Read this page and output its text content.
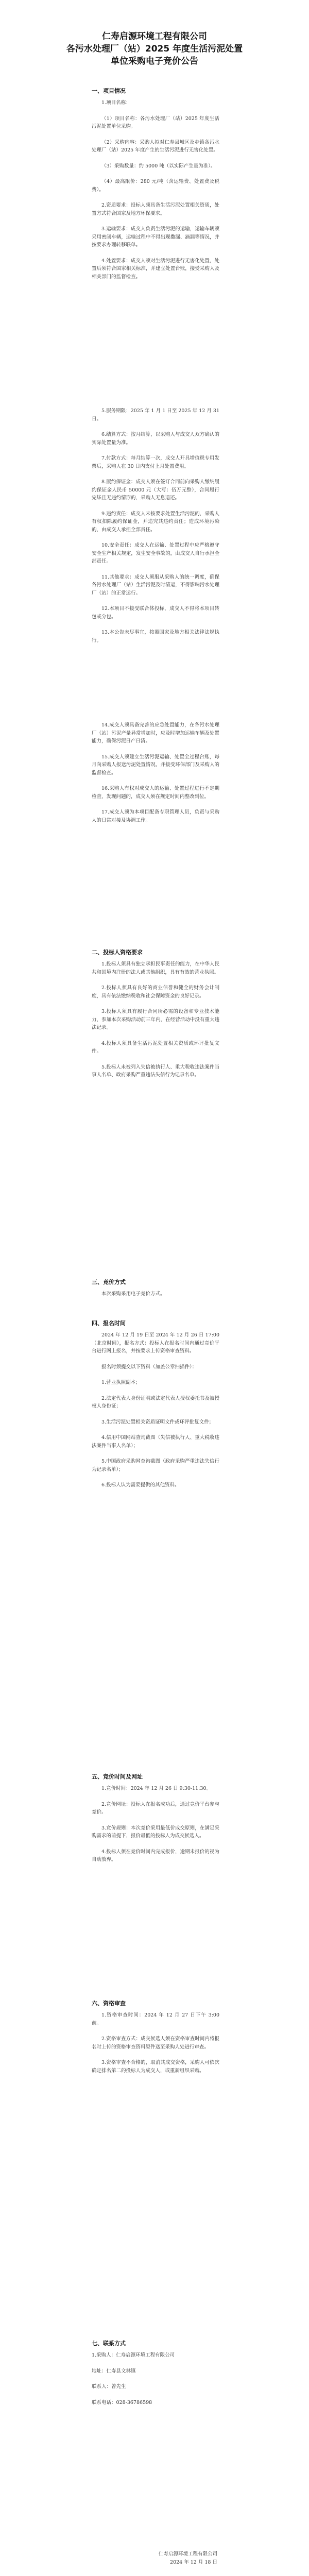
仁寿启源环境工程有限公司
各污水处理厂（站）2025 年度生活污泥处置
单位采购电子竞价公告
一、项目情况

1.项目名称：

（1）项目名称：各污水处理厂（站）2025 年度生活污泥处置单位采购。

（2）采购内容：采购人拟对仁寿县城区及乡镇各污水处理厂（站）2025 年度产生的生活污泥进行无害化处置。

（3）采购数量：约 5000 吨（以实际产生量为准）。

（4）最高限价：280 元/吨（含运输费、处置费及税费）。

2.资质要求：投标人须具备生活污泥处置相关资质，处置方式符合国家及地方环保要求。

3.运输要求：成交人负责生活污泥的运输，运输车辆须采用密闭车辆，运输过程中不得出现撒漏、滴漏等情况，并按要求办理转移联单。

4.处置要求：成交人须对生活污泥进行无害化处置，处置后须符合国家相关标准，并建立处置台账，接受采购人及相关部门的监督检查。

5.服务期限：2025 年 1 月 1 日至 2025 年 12 月 31 日。

6.结算方式：按月结算，以采购人与成交人双方确认的实际处置量为准。

7.付款方式：每月结算一次，成交人开具增值税专用发票后，采购人在 30 日内支付上月处置费用。

8.履约保证金：成交人须在签订合同前向采购人缴纳履约保证金人民币 50000 元（大写：伍万元整），合同履行完毕且无违约情形的，采购人无息退还。

9.违约责任：成交人未按要求处置生活污泥的，采购人有权扣除履约保证金，并追究其违约责任；造成环境污染的，由成交人承担全部责任。

10.安全责任：成交人在运输、处置过程中应严格遵守安全生产相关规定，发生安全事故的，由成交人自行承担全部责任。

11.其他要求：成交人须服从采购人的统一调度，确保各污水处理厂（站）生活污泥及时清运，不得影响污水处理厂（站）的正常运行。

12.本项目不接受联合体投标，成交人不得将本项目转包或分包。

13.本公告未尽事宜，按照国家及地方相关法律法规执行。

14.成交人须具备完善的应急处置能力，在各污水处理厂（站）污泥产量异常增加时，应及时增加运输车辆及处置能力，确保污泥日产日清。

15.成交人须建立生活污泥运输、处置全过程台账，每月向采购人报送污泥处置情况，并接受环保部门及采购人的监督检查。

16.采购人有权对成交人的运输、处置过程进行不定期检查，发现问题的，成交人须在规定时间内整改到位。

17.成交人须为本项目配备专职管理人员，负责与采购人的日常对接及协调工作。

二、投标人资格要求

1.投标人须具有独立承担民事责任的能力，在中华人民共和国境内注册的法人或其他组织，具有有效的营业执照。

2.投标人须具有良好的商业信誉和健全的财务会计制度，具有依法缴纳税收和社会保障资金的良好记录。

3.投标人须具有履行合同所必需的设备和专业技术能力，参加本次采购活动前三年内，在经营活动中没有重大违法记录。

4.投标人须具备生活污泥处置相关资质或环评批复文件。

5.投标人未被列入失信被执行人、重大税收违法案件当事人名单、政府采购严重违法失信行为记录名单。

三、竞价方式

本次采购采用电子竞价方式。

四、报名时间

2024 年 12 月 19 日至 2024 年 12 月 26 日 17:00（北京时间），报名方式：投标人在报名时间内通过竞价平台进行网上报名，并按要求上传资格审查资料。

报名时须提交以下资料（加盖公章扫描件）：

1.营业执照副本；

2.法定代表人身份证明或法定代表人授权委托书及被授权人身份证；

3.生活污泥处置相关资质证明文件或环评批复文件；

4.信用中国网站查询截图（失信被执行人、重大税收违法案件当事人名单）；

5.中国政府采购网查询截图（政府采购严重违法失信行为记录名单）；

6.投标人认为需要提供的其他资料。

五、竞价时间及网址

1.竞价时间：2024 年 12 月 26 日 9:30-11:30。

2.竞价网址：投标人在报名成功后，通过竞价平台参与竞价。

3.竞价规则：本次竞价采用最低价成交原则，在满足采购需求的前提下，报价最低的投标人为成交候选人。

4.投标人须在竞价时间内完成报价，逾期未报价的视为自动放弃。

六、资格审查

1.资格审查时间：2024 年 12 月 27 日下午 3:00 前。

2.资格审查方式：成交候选人须在资格审查时间内将报名时上传的资格审查资料原件送至采购人处进行审查。

3.资格审查不合格的，取消其成交资格，采购人可依次确定排名第二的投标人为成交人，或重新组织采购。

七、联系方式

1.采购人：仁寿启源环境工程有限公司

地址：仁寿县文林镇

联系人：曾先生

联系电话：028-36786598

仁寿启源环境工程有限公司
2024 年 12 月 18 日
